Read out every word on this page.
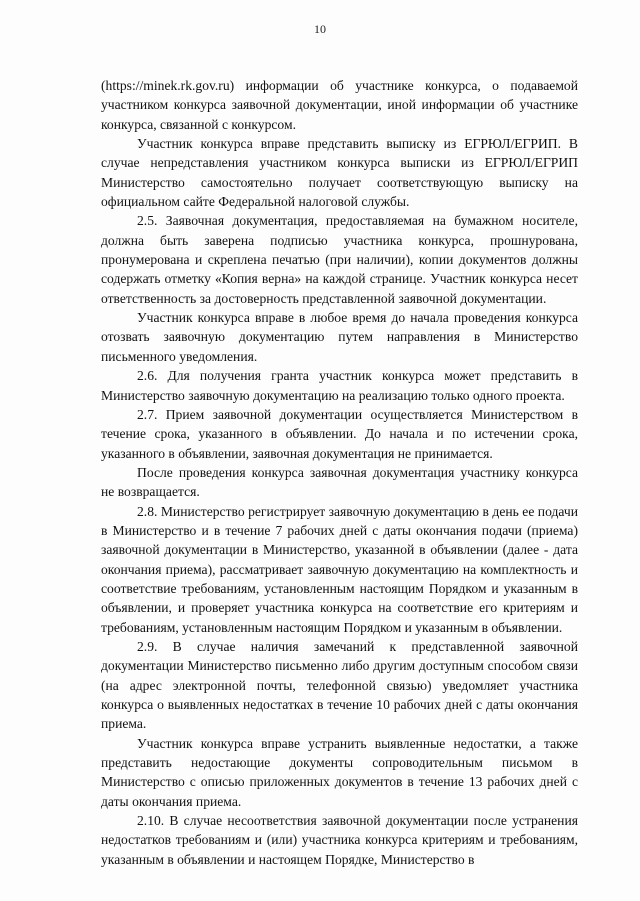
10

(https://minek.rk.gov.ru) информации об участнике конкурса, о подаваемой участником конкурса заявочной документации, иной информации об участнике конкурса, связанной с конкурсом.

Участник конкурса вправе представить выписку из ЕГРЮЛ/ЕГРИП. В случае непредставления участником конкурса выписки из ЕГРЮЛ/ЕГРИП Министерство самостоятельно получает соответствующую выписку на официальном сайте Федеральной налоговой службы.

2.5. Заявочная документация, предоставляемая на бумажном носителе, должна быть заверена подписью участника конкурса, прошнурована, пронумерована и скреплена печатью (при наличии), копии документов должны содержать отметку «Копия верна» на каждой странице. Участник конкурса несет ответственность за достоверность представленной заявочной документации.

Участник конкурса вправе в любое время до начала проведения конкурса отозвать заявочную документацию путем направления в Министерство письменного уведомления.

2.6. Для получения гранта участник конкурса может представить в Министерство заявочную документацию на реализацию только одного проекта.

2.7. Прием заявочной документации осуществляется Министерством в течение срока, указанного в объявлении. До начала и по истечении срока, указанного в объявлении, заявочная документация не принимается.

После проведения конкурса заявочная документация участнику конкурса не возвращается.

2.8. Министерство регистрирует заявочную документацию в день ее подачи в Министерство и в течение 7 рабочих дней с даты окончания подачи (приема) заявочной документации в Министерство, указанной в объявлении (далее - дата окончания приема), рассматривает заявочную документацию на комплектность и соответствие требованиям, установленным настоящим Порядком и указанным в объявлении, и проверяет участника конкурса на соответствие его критериям и требованиям, установленным настоящим Порядком и указанным в объявлении.

2.9. В случае наличия замечаний к представленной заявочной документации Министерство письменно либо другим доступным способом связи (на адрес электронной почты, телефонной связью) уведомляет участника конкурса о выявленных недостатках в течение 10 рабочих дней с даты окончания приема.

Участник конкурса вправе устранить выявленные недостатки, а также представить недостающие документы сопроводительным письмом в Министерство с описью приложенных документов в течение 13 рабочих дней с даты окончания приема.

2.10. В случае несоответствия заявочной документации после устранения недостатков требованиям и (или) участника конкурса критериям и требованиям, указанным в объявлении и настоящем Порядке, Министерство в
